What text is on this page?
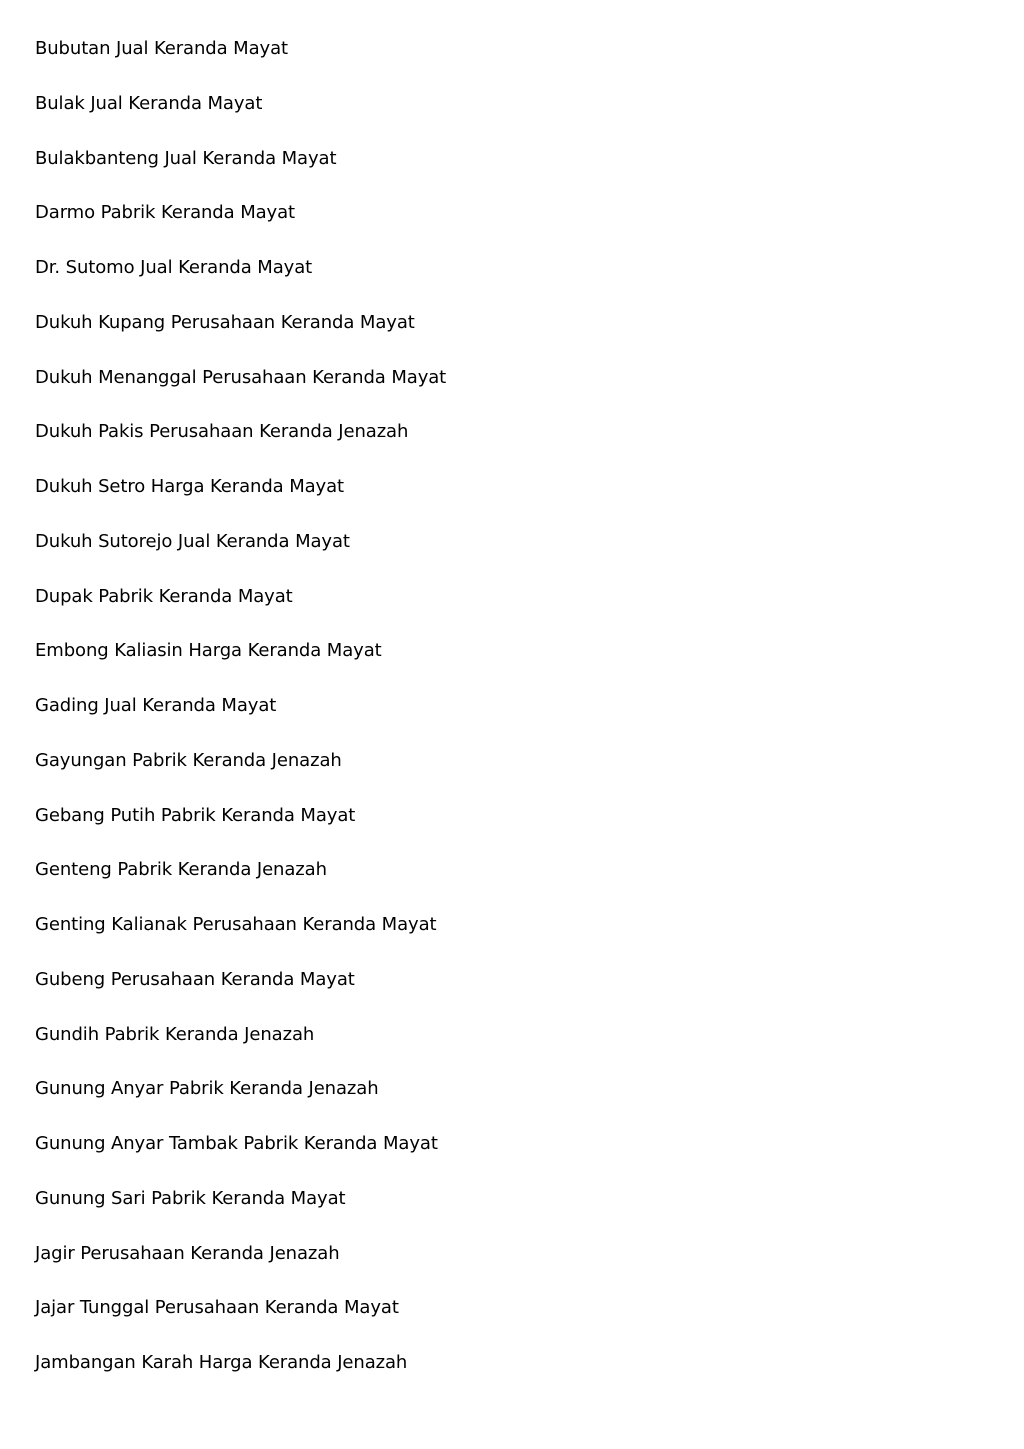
Bubutan Jual Keranda Mayat
Bulak Jual Keranda Mayat
Bulakbanteng Jual Keranda Mayat
Darmo Pabrik Keranda Mayat
Dr. Sutomo Jual Keranda Mayat
Dukuh Kupang Perusahaan Keranda Mayat
Dukuh Menanggal Perusahaan Keranda Mayat
Dukuh Pakis Perusahaan Keranda Jenazah
Dukuh Setro Harga Keranda Mayat
Dukuh Sutorejo Jual Keranda Mayat
Dupak Pabrik Keranda Mayat
Embong Kaliasin Harga Keranda Mayat
Gading Jual Keranda Mayat
Gayungan Pabrik Keranda Jenazah
Gebang Putih Pabrik Keranda Mayat
Genteng Pabrik Keranda Jenazah
Genting Kalianak Perusahaan Keranda Mayat
Gubeng Perusahaan Keranda Mayat
Gundih Pabrik Keranda Jenazah
Gunung Anyar Pabrik Keranda Jenazah
Gunung Anyar Tambak Pabrik Keranda Mayat
Gunung Sari Pabrik Keranda Mayat
Jagir Perusahaan Keranda Jenazah
Jajar Tunggal Perusahaan Keranda Mayat
Jambangan Karah Harga Keranda Jenazah
